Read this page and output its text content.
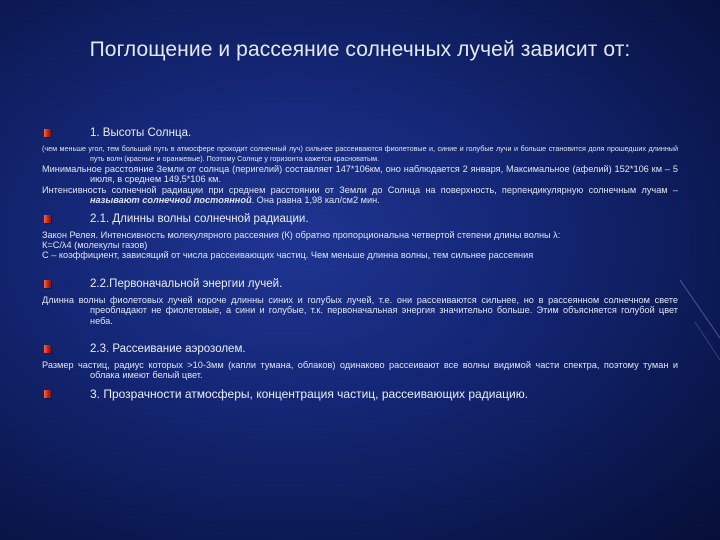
Поглощение и рассеяние солнечных лучей зависит от:
1. Высоты Солнца.
(чем меньше угол, тем больший путь в атмосфере проходит солнечный луч) сильнее рассеиваются фиолетовые и, синие и голубые лучи и больше становится доля прошедших длинный путь волн (красные и оранжевые). Поэтому Солнце у горизонта кажется красноватым.
Минимальное расстояние Земли от солнца (перигелий) составляет 147*106км, оно наблюдается 2 января, Максимальное (афелий) 152*106 км – 5 июля, в среднем 149,5*106 км.
Интенсивность солнечной радиации при среднем расстоянии от Земли до Солнца на поверхность, перпендикулярную солнечным лучам – называют солнечной постоянной. Она равна 1,98 кал/см2 мин.
2.1. Длинны волны солнечной радиации.
Закон Релея. Интенсивность молекулярного рассеяния (К) обратно пропорциональна четвертой степени длины волны λ:
К=С/λ4 (молекулы газов)
С – коэффициент, зависящий от числа рассеивающих частиц. Чем меньше длинна волны, тем сильнее рассеяния
2.2.Первоначальной энергии лучей.
Длинна волны фиолетовых лучей короче длинны синих и голубых лучей, т.е. они рассеиваются сильнее, но в рассеянном солнечном свете преобладают не фиолетовые, а сини и голубые, т.к. первоначальная энергия значительно больше. Этим объясняется голубой цвет неба.
2.3. Рассеивание аэрозолем.
Размер частиц, радиус которых >10-3мм (капли тумана, облаков) одинаково рассеивают все волны видимой части спектра, поэтому туман и облака имеют белый цвет.
3. Прозрачности атмосферы, концентрация частиц, рассеивающих радиацию.
